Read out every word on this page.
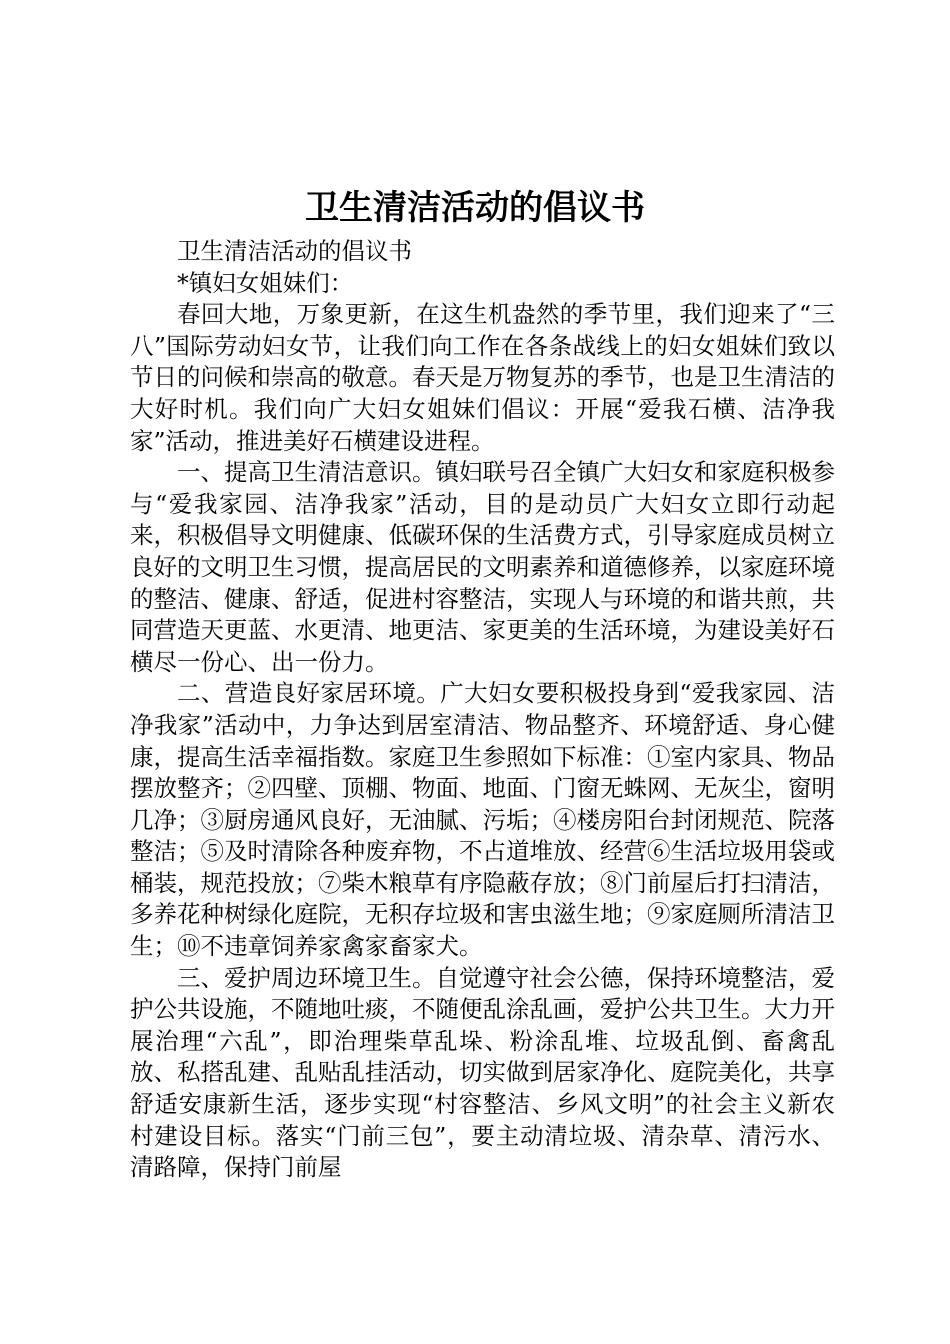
卫生清洁活动的倡议书

卫生清洁活动的倡议书

*镇妇女姐妹们：

春回大地，万象更新，在这生机盎然的季节里，我们迎来了“三八”国际劳动妇女节，让我们向工作在各条战线上的妇女姐妹们致以节日的问候和崇高的敬意。春天是万物复苏的季节，也是卫生清洁的大好时机。我们向广大妇女姐妹们倡议：开展“爱我石横、洁净我家”活动，推进美好石横建设进程。

一、提高卫生清洁意识。镇妇联号召全镇广大妇女和家庭积极参与“爱我家园、洁净我家”活动，目的是动员广大妇女立即行动起来，积极倡导文明健康、低碳环保的生活费方式，引导家庭成员树立良好的文明卫生习惯，提高居民的文明素养和道德修养，以家庭环境的整洁、健康、舒适，促进村容整洁，实现人与环境的和谐共煎，共同营造天更蓝、水更清、地更洁、家更美的生活环境，为建设美好石横尽一份心、出一份力。

二、营造良好家居环境。广大妇女要积极投身到“爱我家园、洁净我家”活动中，力争达到居室清洁、物品整齐、环境舒适、身心健康，提高生活幸福指数。家庭卫生参照如下标准：①室内家具、物品摆放整齐；②四壁、顶棚、物面、地面、门窗无蛛网、无灰尘，窗明几净；③厨房通风良好，无油腻、污垢；④楼房阳台封闭规范、院落整洁；⑤及时清除各种废弃物，不占道堆放、经营⑥生活垃圾用袋或桶装，规范投放；⑦柴木粮草有序隐蔽存放；⑧门前屋后打扫清洁，多养花种树绿化庭院，无积存垃圾和害虫滋生地；⑨家庭厕所清洁卫生；⑩不违章饲养家禽家畜家犬。

三、爱护周边环境卫生。自觉遵守社会公德，保持环境整洁，爱护公共设施，不随地吐痰，不随便乱涂乱画，爱护公共卫生。大力开展治理“六乱”，即治理柴草乱垛、粉涂乱堆、垃圾乱倒、畜禽乱放、私搭乱建、乱贴乱挂活动，切实做到居家净化、庭院美化，共享舒适安康新生活，逐步实现“村容整洁、乡风文明”的社会主义新农村建设目标。落实“门前三包”，要主动清垃圾、清杂草、清污水、清路障，保持门前屋
